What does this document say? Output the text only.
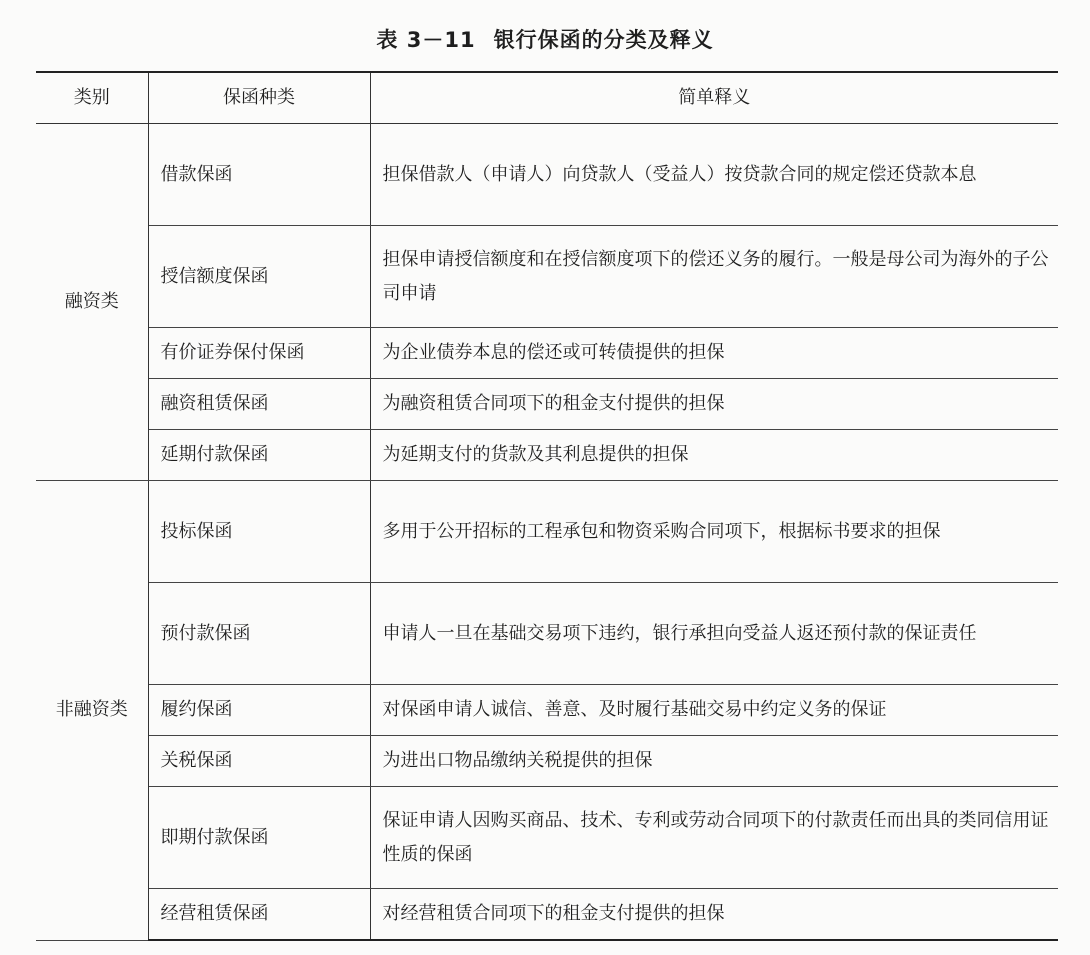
表 3－11 银行保函的分类及释义
类别	保函种类	简单释义
融资类	借款保函	担保借款人（申请人）向贷款人（受益人）按贷款合同的规定偿还贷款本息
	授信额度保函	担保申请授信额度和在授信额度项下的偿还义务的履行。一般是母公司为海外的子公司申请
	有价证券保付保函	为企业债券本息的偿还或可转债提供的担保
	融资租赁保函	为融资租赁合同项下的租金支付提供的担保
	延期付款保函	为延期支付的货款及其利息提供的担保
非融资类	投标保函	多用于公开招标的工程承包和物资采购合同项下，根据标书要求的担保
	预付款保函	申请人一旦在基础交易项下违约，银行承担向受益人返还预付款的保证责任
	履约保函	对保函申请人诚信、善意、及时履行基础交易中约定义务的保证
	关税保函	为进出口物品缴纳关税提供的担保
	即期付款保函	保证申请人因购买商品、技术、专利或劳动合同项下的付款责任而出具的类同信用证性质的保函
	经营租赁保函	对经营租赁合同项下的租金支付提供的担保
